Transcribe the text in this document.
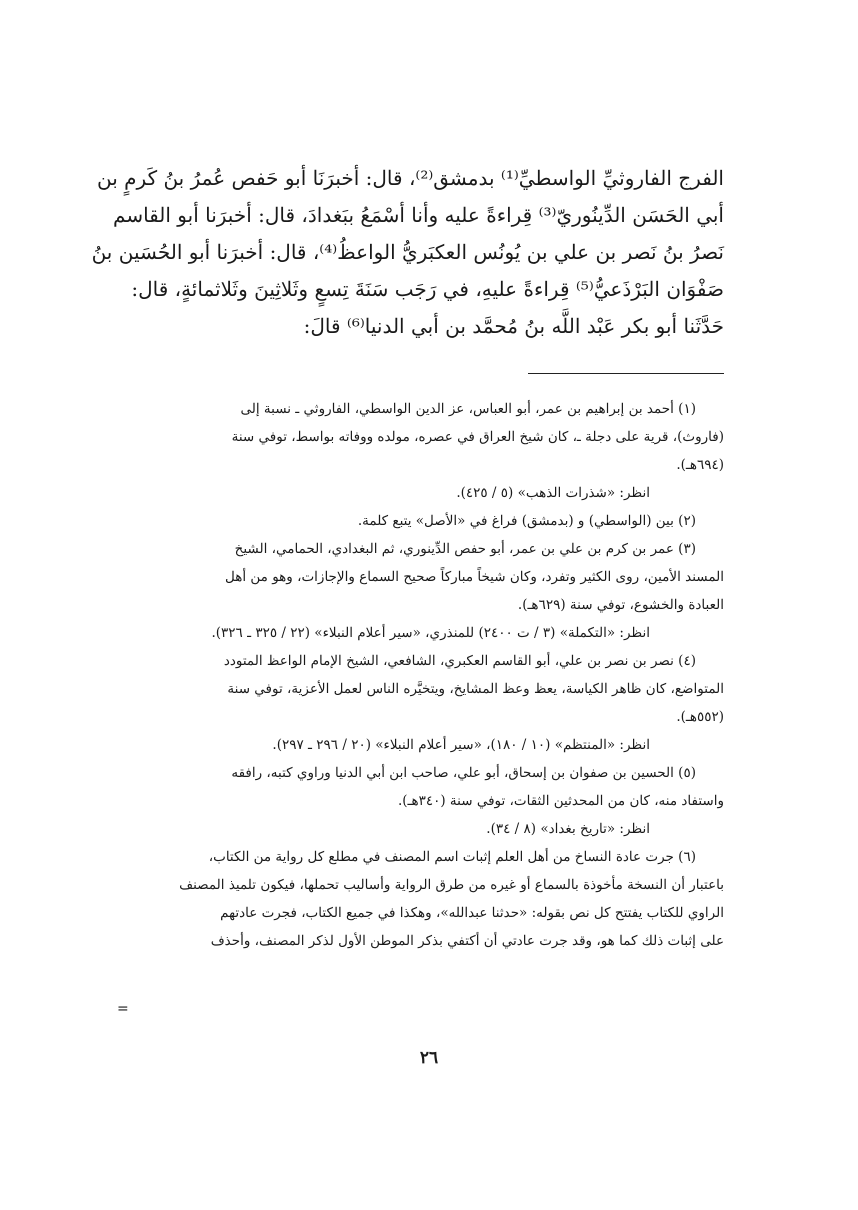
الفرج الفاروثيِّ الواسطيِّ⁽¹⁾ بدمشق⁽²⁾، قال: أخبرَنَا أبو حَفص عُمرُ بنُ كَرمٍ بن
أبي الحَسَن الدِّينُوريّ⁽³⁾ قِراءةً عليه وأنا أسْمَعُ ببَغدادَ، قال: أخبرَنا أبو القاسم
نَصرُ بنُ نَصر بن علي بن يُونُس العكبَريُّ الواعظُ⁽⁴⁾، قال: أخبرَنا أبو الحُسَين بنُ
صَفْوَان البَرْذَعيُّ⁽⁵⁾ قِراءةً عليهِ، في رَجَب سَنَةَ تِسعٍ وثَلاثِينَ وثَلاثمائةٍ، قال:
حَدَّثَنا أبو بكر عَبْد اللَّه بنُ مُحمَّد بن أبي الدنيا⁽⁶⁾ قالَ:
(١) أحمد بن إبراهيم بن عمر، أبو العباس، عز الدين الواسطي، الفاروثي ـ نسبة إلى
(فاروث)، قرية على دجلة ـ، كان شيخ العراق في عصره، مولده ووفاته بواسط، توفي سنة
(٦٩٤هـ).
انظر: «شذرات الذهب» (٥ / ٤٢٥).
(٢) بين (الواسطي) و (بدمشق) فراغ في «الأصل» يتبع كلمة.
(٣) عمر بن كرم بن علي بن عمر، أبو حفص الدِّينوري، ثم البغدادي، الحمامي، الشيخ
المسند الأمين، روى الكثير وتفرد، وكان شيخاً مباركاً صحيح السماع والإجازات، وهو من أهل
العبادة والخشوع، توفي سنة (٦٢٩هـ).
انظر: «التكملة» (٣ / ت ٢٤٠٠) للمنذري، «سير أعلام النبلاء» (٢٢ / ٣٢٥ ـ ٣٢٦).
(٤) نصر بن نصر بن علي، أبو القاسم العكبري، الشافعي، الشيخ الإمام الواعظ المتودد
المتواضع، كان ظاهر الكياسة، يعظ وعظ المشايخ، ويتخيَّره الناس لعمل الأعزية، توفي سنة
(٥٥٢هـ).
انظر: «المنتظم» (١٠ / ١٨٠)، «سير أعلام النبلاء» (٢٠ / ٢٩٦ ـ ٢٩٧).
(٥) الحسين بن صفوان بن إسحاق، أبو علي، صاحب ابن أبي الدنيا وراوي كتبه، رافقه
واستفاد منه، كان من المحدثين الثقات، توفي سنة (٣٤٠هـ).
انظر: «تاريخ بغداد» (٨ / ٣٤).
(٦) جرت عادة النساخ من أهل العلم إثبات اسم المصنف في مطلع كل رواية من الكتاب،
باعتبار أن النسخة مأخوذة بالسماع أو غيره من طرق الرواية وأساليب تحملها، فيكون تلميذ المصنف
الراوي للكتاب يفتتح كل نص بقوله: «حدثنا عبدالله»، وهكذا في جميع الكتاب، فجرت عادتهم
على إثبات ذلك كما هو، وقد جرت عادتي أن أكتفي بذكر الموطن الأول لذكر المصنف، وأحذف
=
٢٦
